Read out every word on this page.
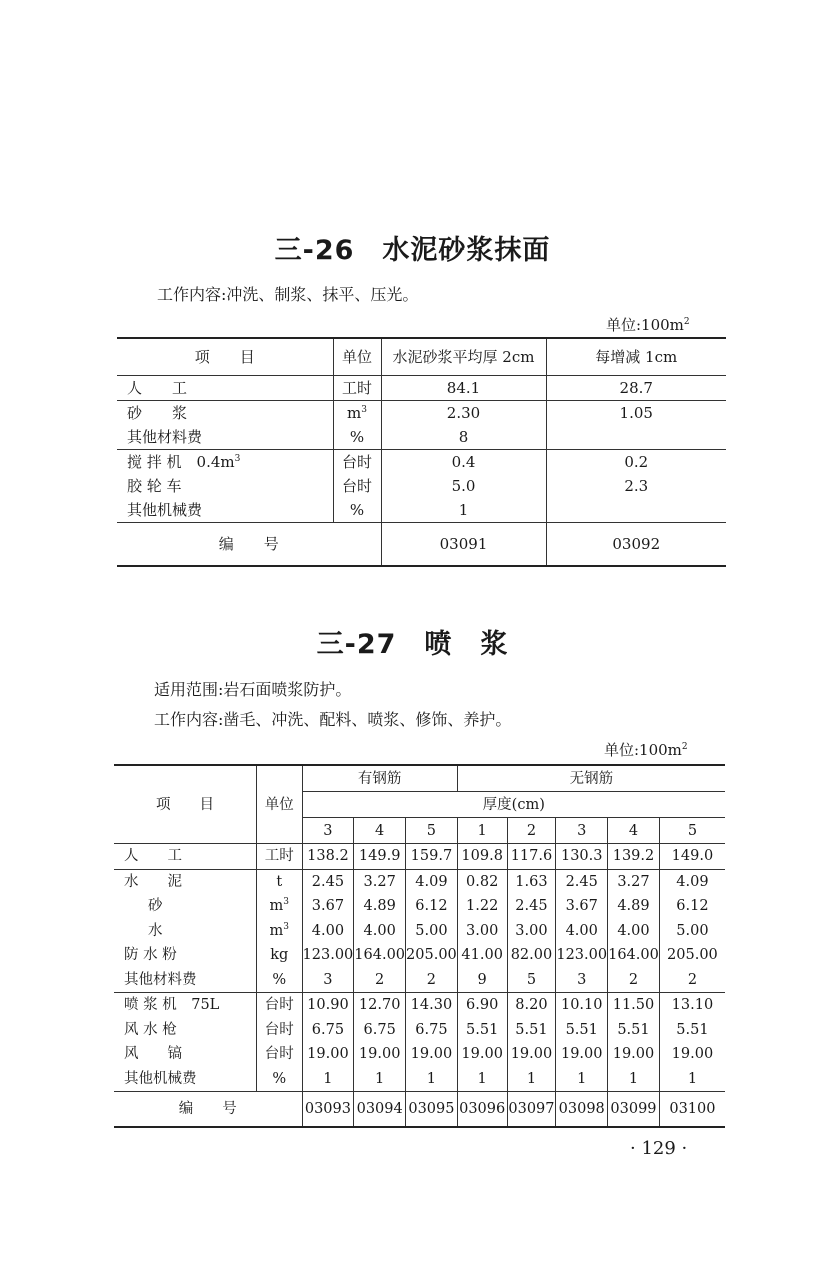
三-26　水泥砂浆抹面
工作内容:冲洗、制浆、抹平、压光。
单位$:100m^2$
项　　目	单位	水泥砂浆平均厚 2cm	每增减 1cm
人　　工	工时	84.1	28.7
砂　　浆	$m^3$	2.30	1.05
其他材料费	%	8	
搅 拌 机　$0.4m^3$	台时	0.4	0.2
胶 轮 车	台时	5.0	2.3
其他机械费	%	1	
编　　号		03091	03092
三-27　喷　浆
适用范围:岩石面喷浆防护。
工作内容:凿毛、冲洗、配料、喷浆、修饰、养护。
单位$:100m^2$
项　　目	单位	有钢筋			无钢筋				
		厚度(cm)							
		3	4	5	1	2	3	4	5
人　　工	工时	138.2	149.9	159.7	109.8	117.6	130.3	139.2	149.0
水　　泥	t	2.45	3.27	4.09	0.82	1.63	2.45	3.27	4.09
砂	$m^3$	3.67	4.89	6.12	1.22	2.45	3.67	4.89	6.12
水	$m^3$	4.00	4.00	5.00	3.00	3.00	4.00	4.00	5.00
防 水 粉	kg	123.00	164.00	205.00	41.00	82.00	123.00	164.00	205.00
其他材料费	%	3	2	2	9	5	3	2	2
喷 浆 机　75L	台时	10.90	12.70	14.30	6.90	8.20	10.10	11.50	13.10
风 水 枪	台时	6.75	6.75	6.75	5.51	5.51	5.51	5.51	5.51
风　　镐	台时	19.00	19.00	19.00	19.00	19.00	19.00	19.00	19.00
其他机械费	%	1	1	1	1	1	1	1	1
编　　号		03093	03094	03095	03096	03097	03098	03099	03100
· 129 ·
